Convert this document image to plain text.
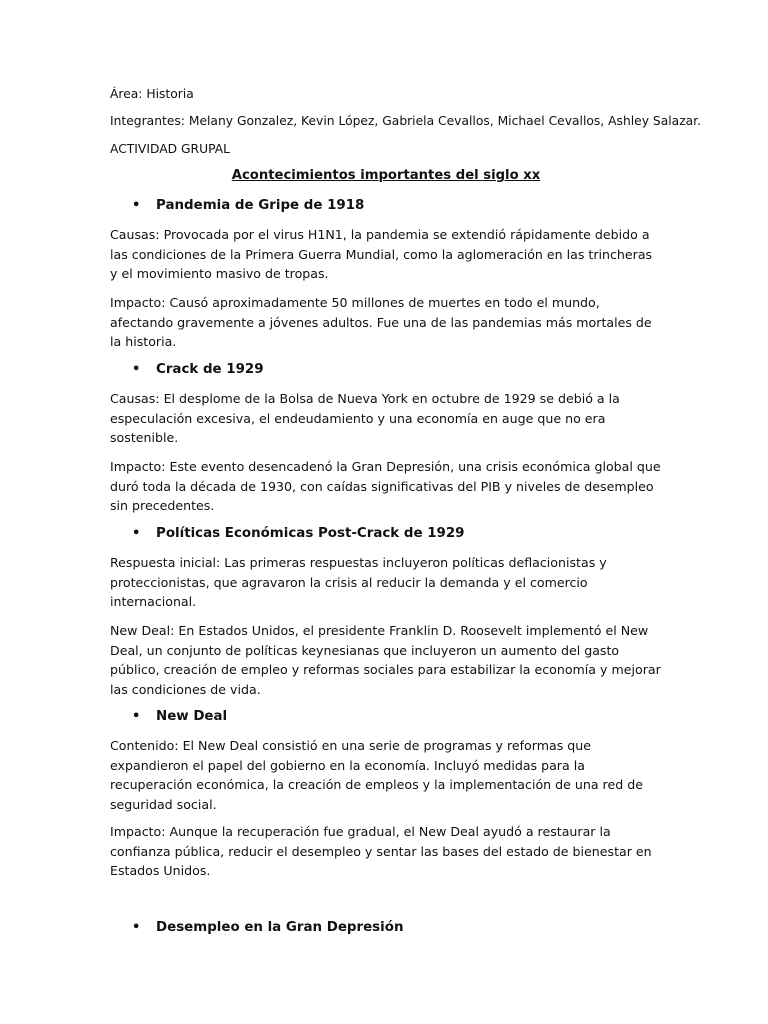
Área: Historia
Integrantes: Melany Gonzalez, Kevin López, Gabriela Cevallos, Michael Cevallos, Ashley Salazar.
ACTIVIDAD GRUPAL
Acontecimientos importantes del siglo xx
• Pandemia de Gripe de 1918
Causas: Provocada por el virus H1N1, la pandemia se extendió rápidamente debido a las condiciones de la Primera Guerra Mundial, como la aglomeración en las trincheras y el movimiento masivo de tropas.
Impacto: Causó aproximadamente 50 millones de muertes en todo el mundo, afectando gravemente a jóvenes adultos. Fue una de las pandemias más mortales de la historia.
• Crack de 1929
Causas: El desplome de la Bolsa de Nueva York en octubre de 1929 se debió a la especulación excesiva, el endeudamiento y una economía en auge que no era sostenible.
Impacto: Este evento desencadenó la Gran Depresión, una crisis económica global que duró toda la década de 1930, con caídas significativas del PIB y niveles de desempleo sin precedentes.
• Políticas Económicas Post-Crack de 1929
Respuesta inicial: Las primeras respuestas incluyeron políticas deflacionistas y proteccionistas, que agravaron la crisis al reducir la demanda y el comercio internacional.
New Deal: En Estados Unidos, el presidente Franklin D. Roosevelt implementó el New Deal, un conjunto de políticas keynesianas que incluyeron un aumento del gasto público, creación de empleo y reformas sociales para estabilizar la economía y mejorar las condiciones de vida.
• New Deal
Contenido: El New Deal consistió en una serie de programas y reformas que expandieron el papel del gobierno en la economía. Incluyó medidas para la recuperación económica, la creación de empleos y la implementación de una red de seguridad social.
Impacto: Aunque la recuperación fue gradual, el New Deal ayudó a restaurar la confianza pública, reducir el desempleo y sentar las bases del estado de bienestar en Estados Unidos.
• Desempleo en la Gran Depresión
